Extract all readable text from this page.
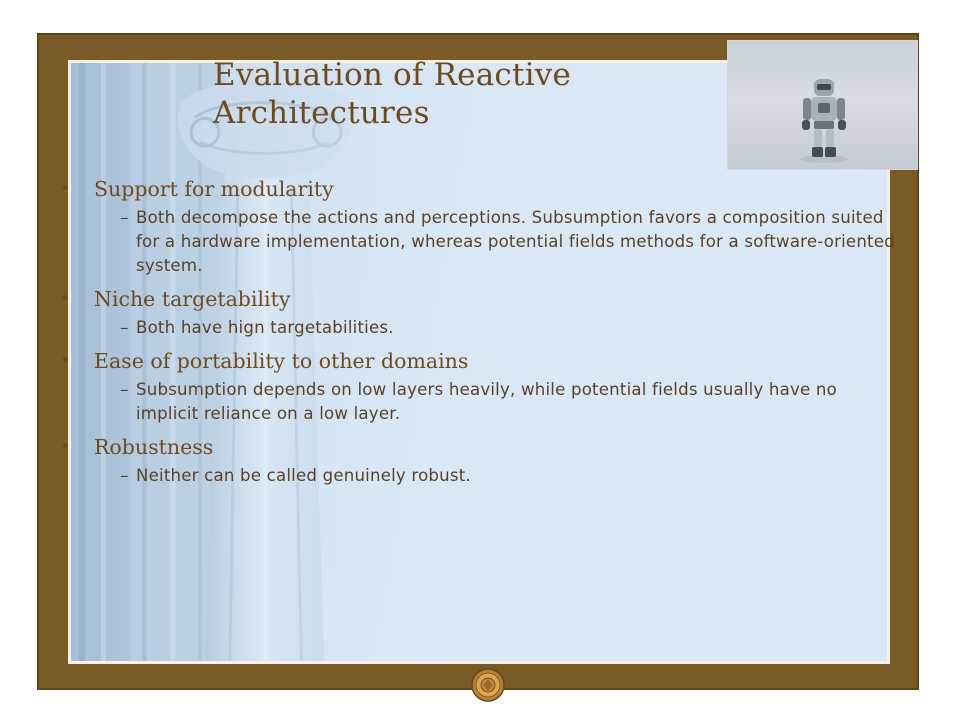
Evaluation of Reactive Architectures
•	Support for modularity
– Both decompose the actions and perceptions. Subsumption favors a composition suited for a hardware implementation, whereas potential fields methods for a software-oriented system.
•	Niche targetability
– Both have hign targetabilities.
•	Ease of portability to other domains
– Subsumption depends on low layers heavily, while potential fields usually have no implicit reliance on a low layer.
•	Robustness
– Neither can be called genuinely robust.
